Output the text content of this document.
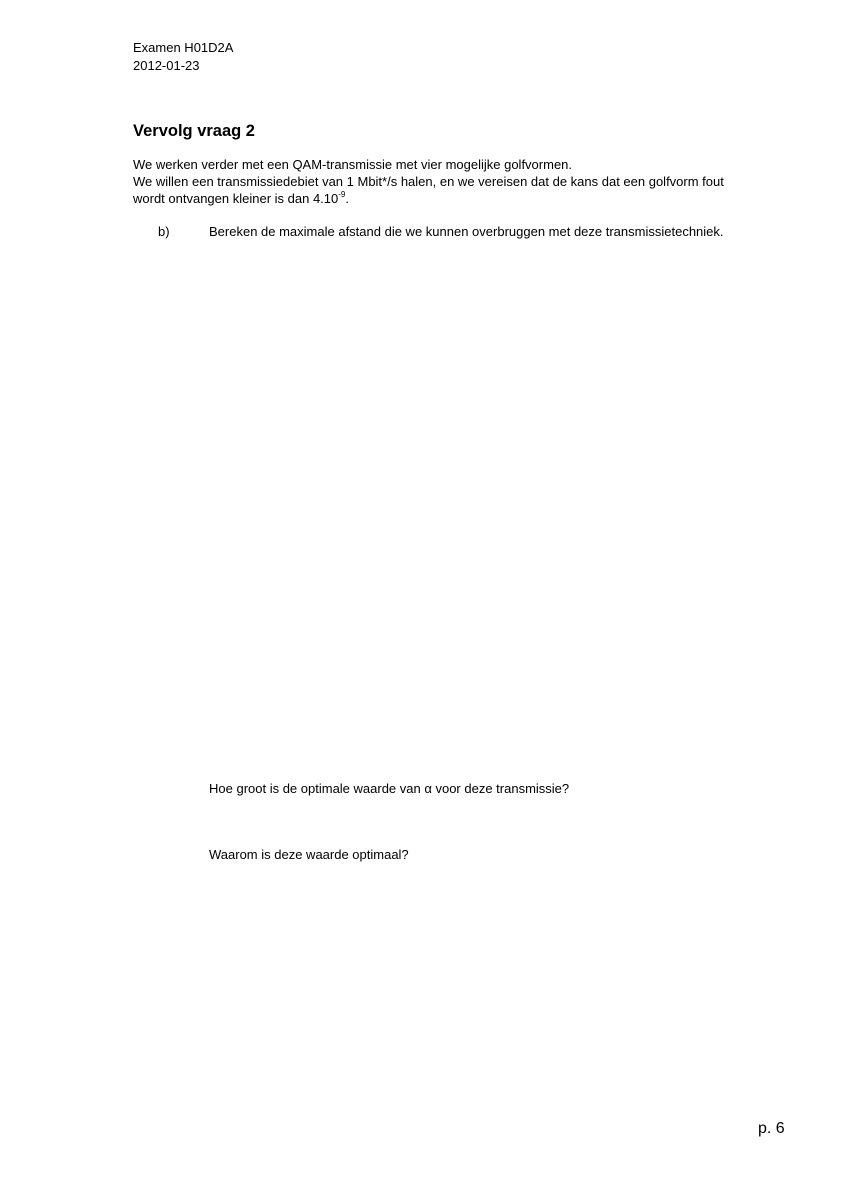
Examen H01D2A
2012-01-23
Vervolg vraag 2
We werken verder met een QAM-transmissie met vier mogelijke golfvormen.
We willen een transmissiedebiet van 1 Mbit*/s halen, en we vereisen dat de kans dat een golfvorm fout
wordt ontvangen kleiner is dan $4.10^{-9}$.
b)	Bereken de maximale afstand die we kunnen overbruggen met deze transmissietechniek.
Hoe groot is de optimale waarde van α voor deze transmissie?
Waarom is deze waarde optimaal?
p. 6
